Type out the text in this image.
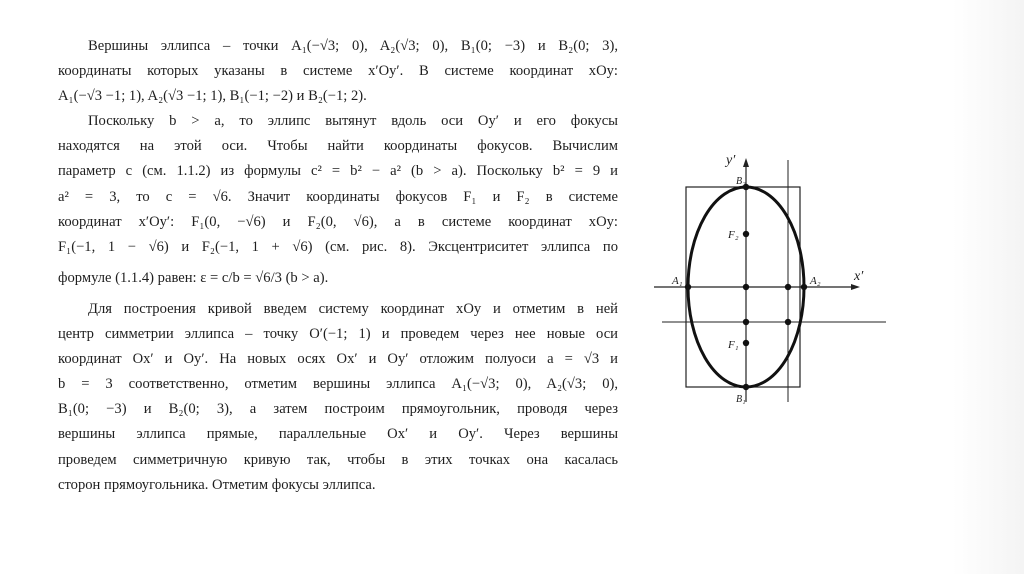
Вершины эллипса – точки A₁(−√3; 0), A₂(√3; 0), B₁(0; −3) и B₂(0; 3),

координаты которых указаны в системе x′Oy′. В системе координат xOy:

A₁(−√3 −1; 1), A₂(√3 −1; 1), B₁(−1; −2) и B₂(−1; 2).

Поскольку b > a, то эллипс вытянут вдоль оси Oy′ и его фокусы

находятся на этой оси. Чтобы найти координаты фокусов. Вычислим

параметр c (см. 1.1.2) из формулы c² = b² − a² (b > a). Поскольку b² = 9 и

a² = 3, то c = √6. Значит координаты фокусов F₁ и F₂ в системе

координат x′Oy′: F₁(0, −√6) и F₂(0, √6), а в системе координат xOy:

F₁(−1, 1 − √6) и F₂(−1, 1 + √6) (см. рис. 8). Эксцентриситет эллипса по

формуле (1.1.4) равен: ε = c/b = √6/3 (b > a).

Для построения кривой введем систему координат xOy и отметим в ней

центр симметрии эллипса – точку O′(−1; 1) и проведем через нее новые оси

координат Ox′ и Oy′. На новых осях Ox′ и Oy′ отложим полуоси a = √3 и

b = 3 соответственно, отметим вершины эллипса A₁(−√3; 0), A₂(√3; 0),

B₁(0; −3) и B₂(0; 3), а затем построим прямоугольник, проводя через

вершины эллипса прямые, параллельные Ox′ и Oy′. Через вершины

проведем симметричную кривую так, чтобы в этих точках она касалась

сторон прямоугольника. Отметим фокусы эллипса.

y′
x′
B₂
B₁
A₁	A₂
F₂
F₁
